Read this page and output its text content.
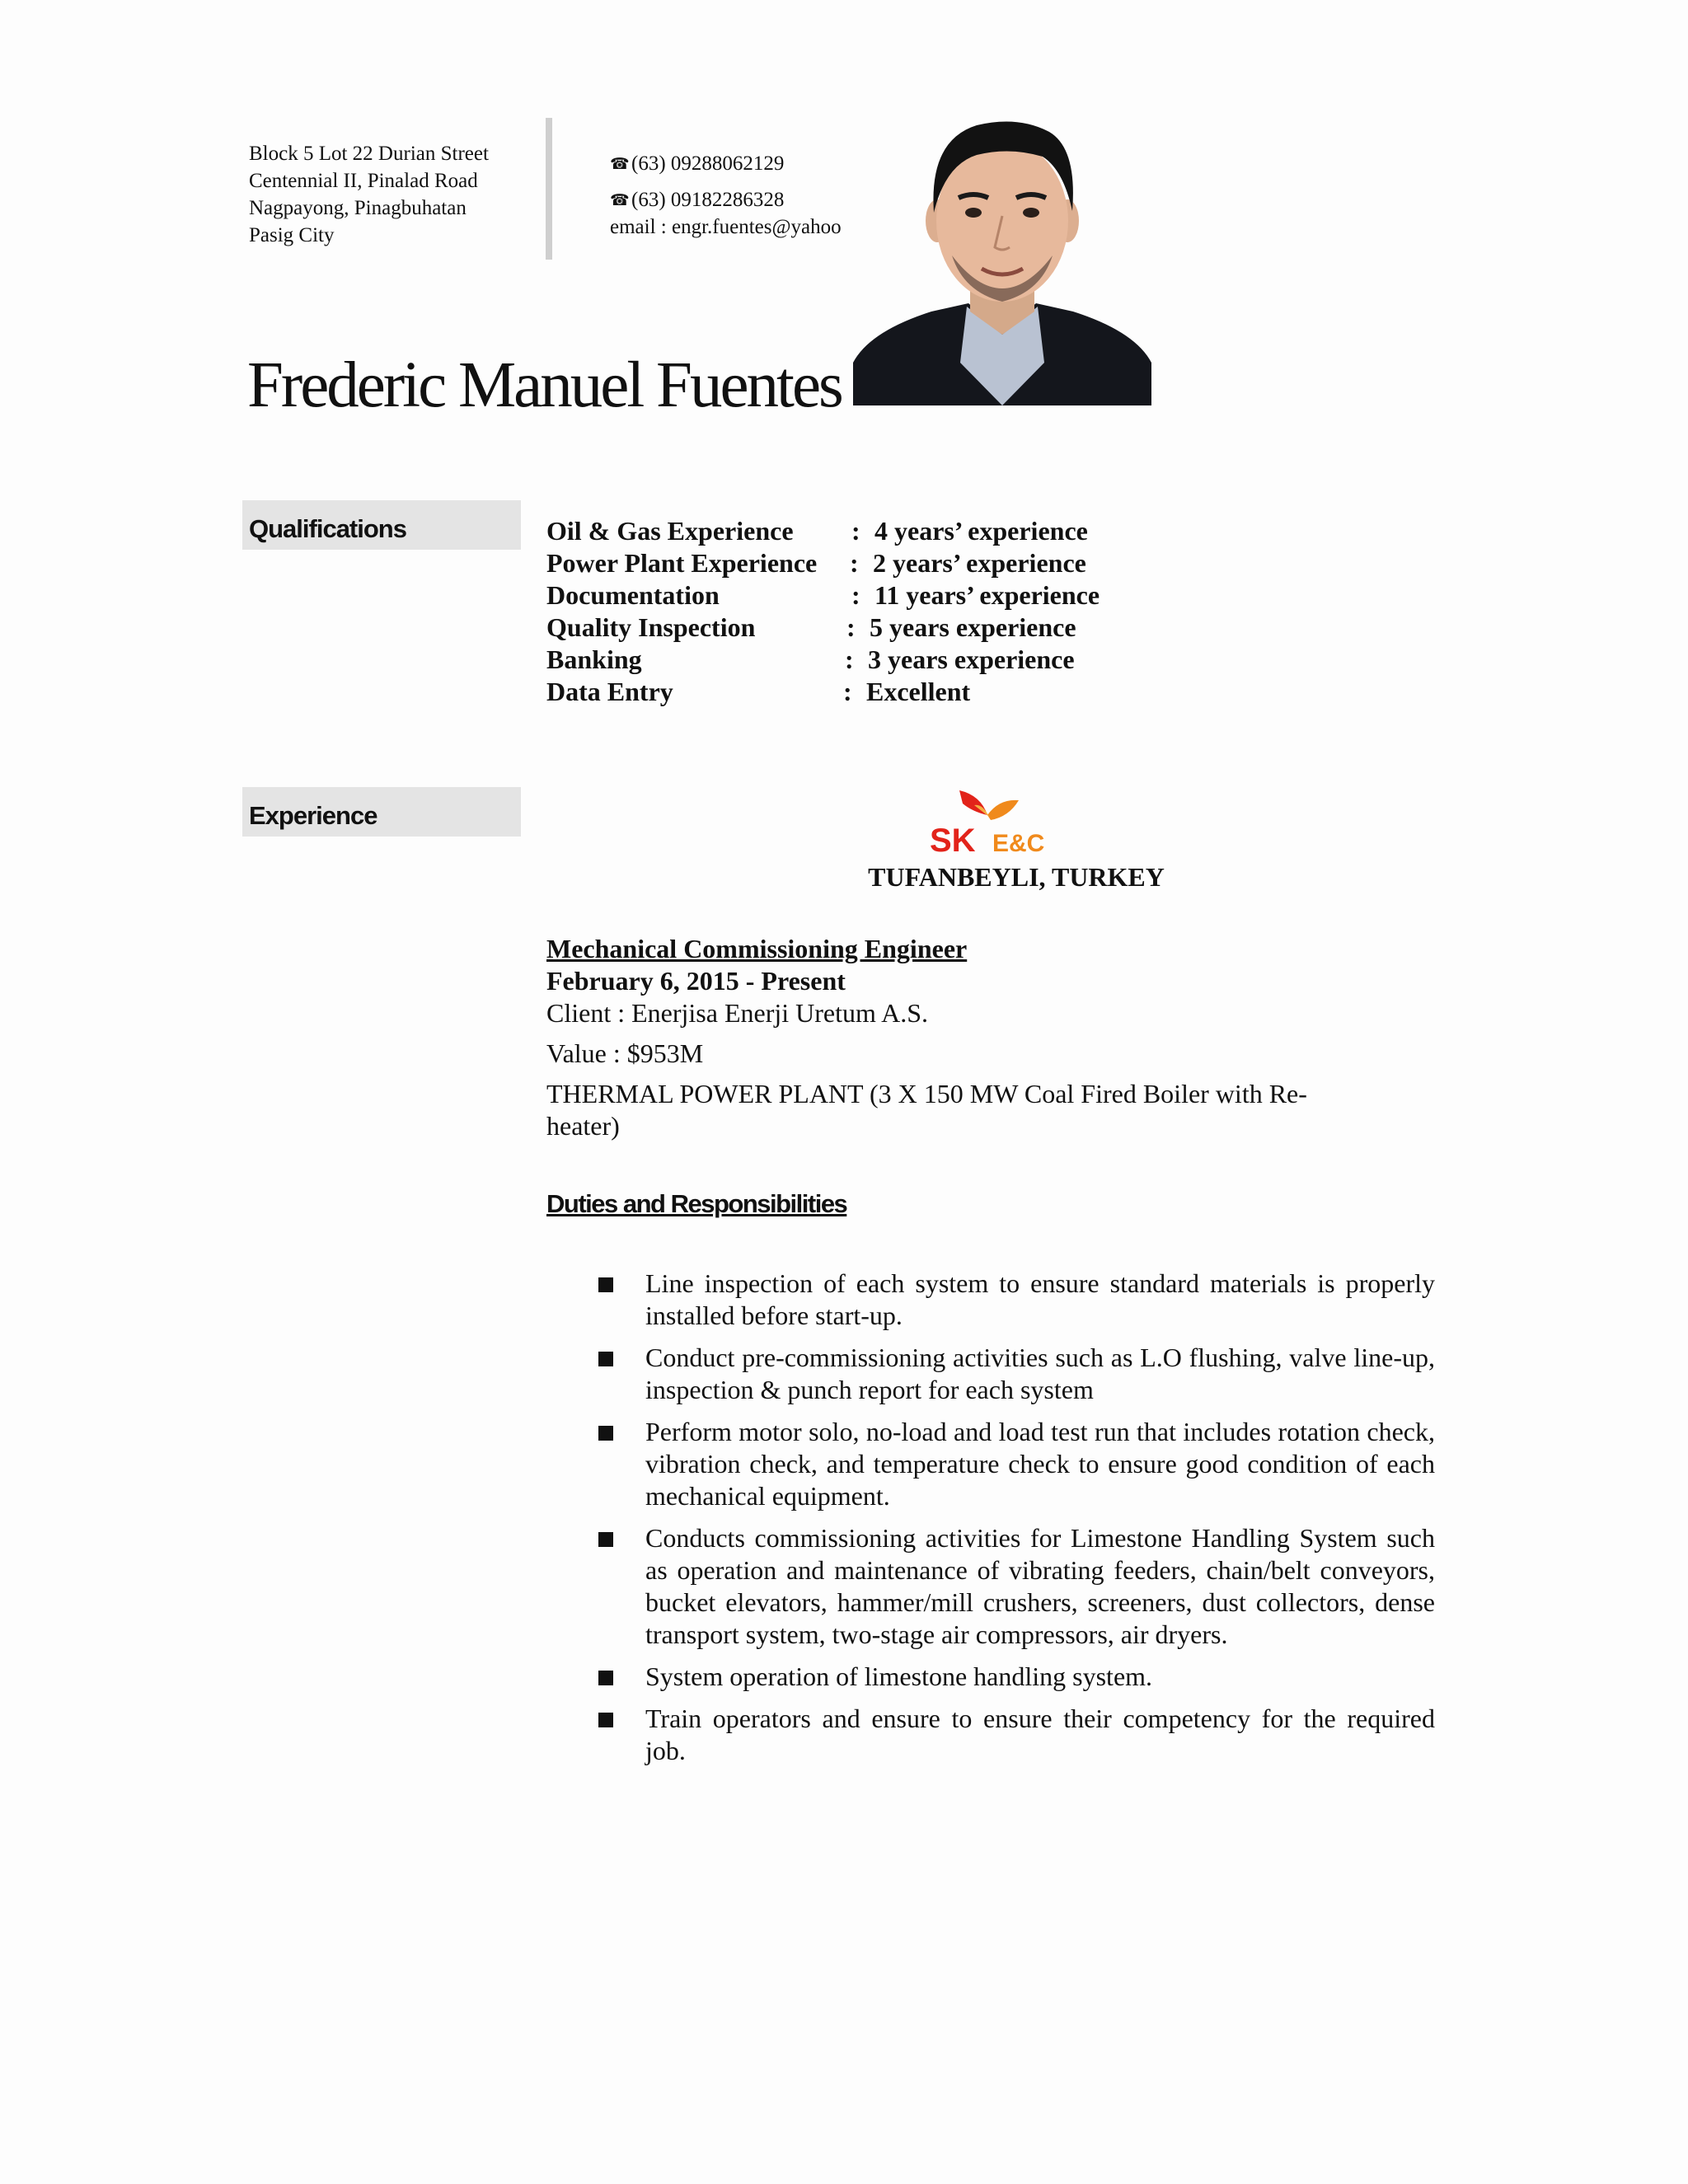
Block 5 Lot 22 Durian Street
Centennial II, Pinalad Road
Nagpayong, Pinagbuhatan
Pasig City
☎ (63) 09288062129
☎ (63) 09182286328
email : engr.fuentes@yahoo
Frederic Manuel Fuentes
Qualifications	Oil & Gas Experience : 4 years’ experience
Power Plant Experience : 2 years’ experience
Documentation	: 11 years’ experience
Quality Inspection	: 5 years experience
Banking	: 3 years experience
Data Entry	: Excellent
Experience
SK E&C
TUFANBEYLI, TURKEY
Mechanical Commissioning Engineer
February 6, 2015 - Present
Client : Enerjisa Enerji Uretum A.S.
Value : $953M
THERMAL POWER PLANT (3 X 150 MW Coal Fired Boiler with Re-heater)
Duties and Responsibilities
Line inspection of each system to ensure standard materials is properly installed before start-up.
Conduct pre-commissioning activities such as L.O flushing, valve line-up, inspection & punch report for each system
Perform motor solo, no-load and load test run that includes rotation check, vibration check, and temperature check to ensure good condition of each mechanical equipment.
Conducts commissioning activities for Limestone Handling System such as operation and maintenance of vibrating feeders, chain/belt conveyors, bucket elevators, hammer/mill crushers, screeners, dust collectors, dense transport system, two-stage air compressors, air dryers.
System operation of limestone handling system.
Train operators and ensure to ensure their competency for the required job.
